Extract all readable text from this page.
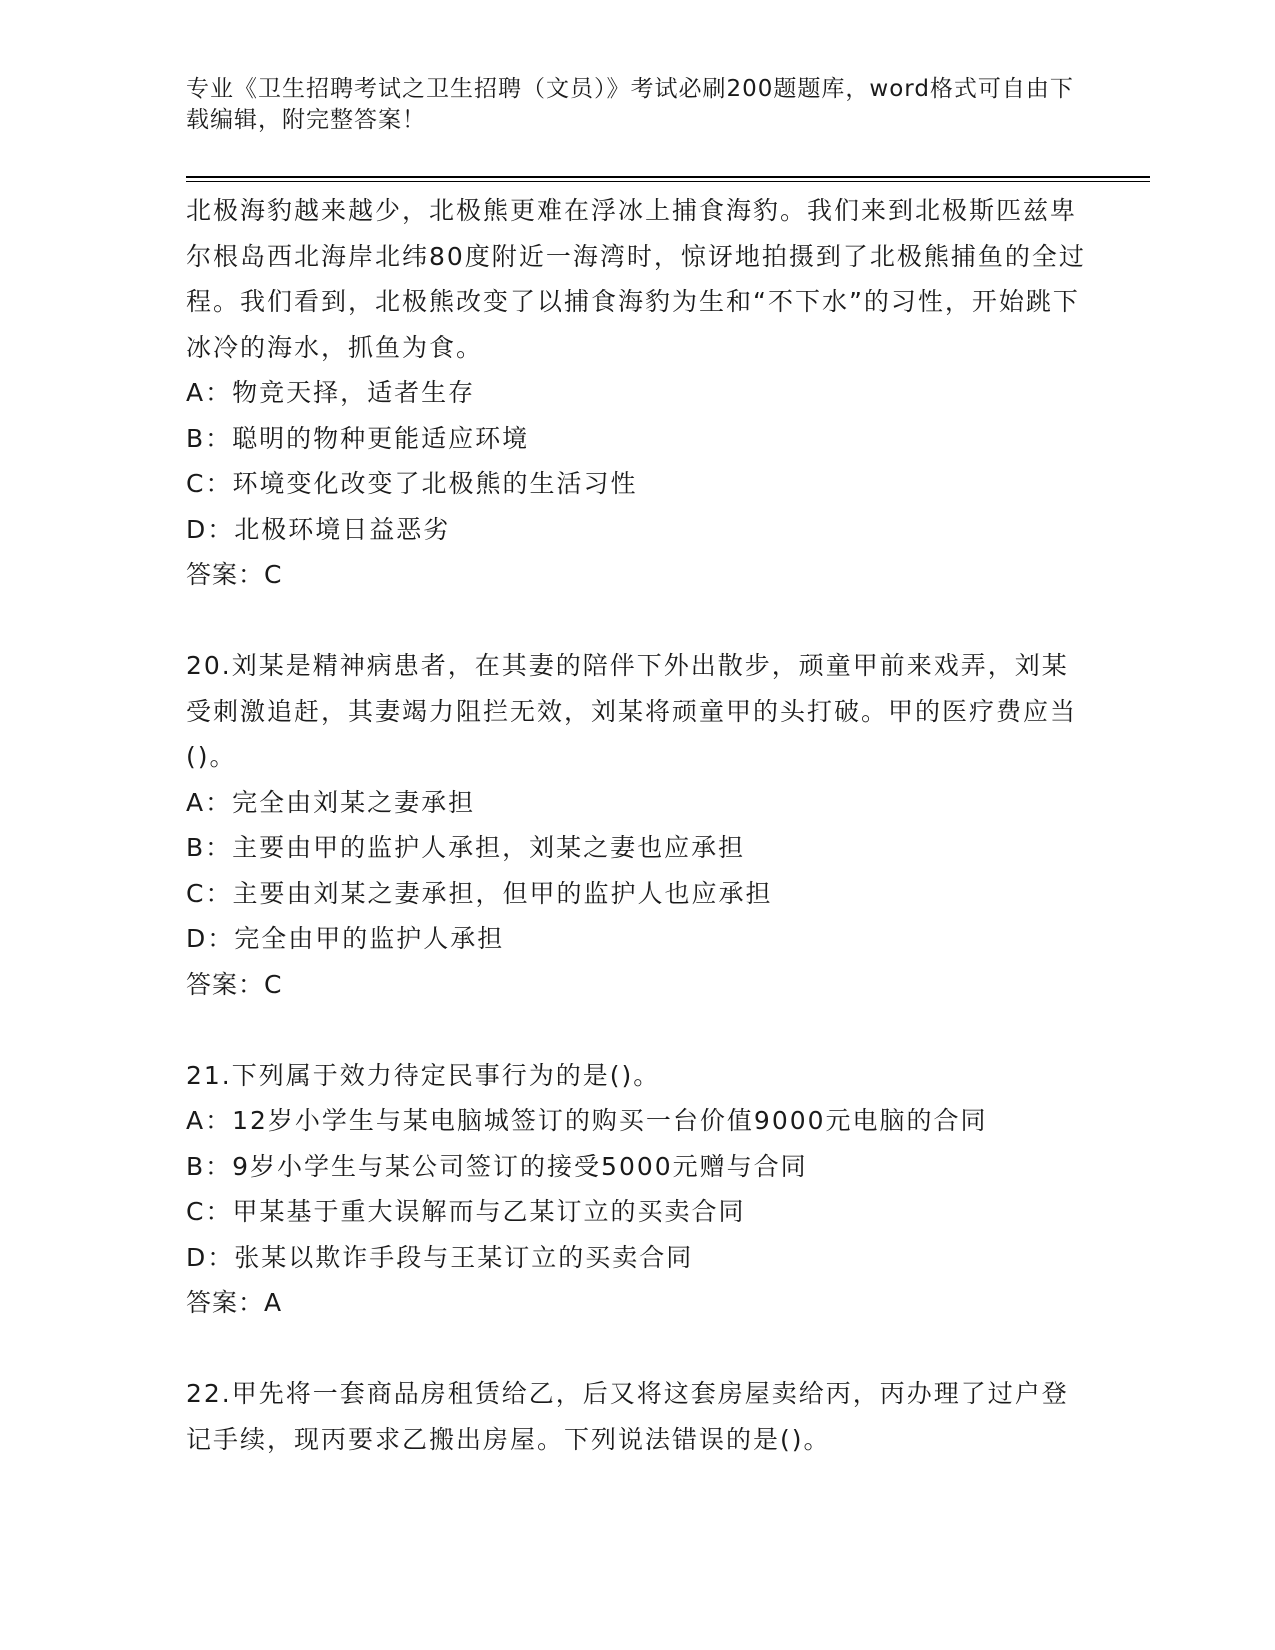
专业《卫生招聘考试之卫生招聘（文员）》考试必刷200题题库，word格式可自由下载编辑，附完整答案！

北极海豹越来越少，北极熊更难在浮冰上捕食海豹。我们来到北极斯匹兹卑尔根岛西北海岸北纬80度附近一海湾时，惊讶地拍摄到了北极熊捕鱼的全过程。我们看到，北极熊改变了以捕食海豹为生和“不下水”的习性，开始跳下冰冷的海水，抓鱼为食。

A：物竞天择，适者生存
B：聪明的物种更能适应环境
C：环境变化改变了北极熊的生活习性
D：北极环境日益恶劣
答案：C

20.刘某是精神病患者，在其妻的陪伴下外出散步，顽童甲前来戏弄，刘某受刺激追赶，其妻竭力阻拦无效，刘某将顽童甲的头打破。甲的医疗费应当()。

A：完全由刘某之妻承担
B：主要由甲的监护人承担，刘某之妻也应承担
C：主要由刘某之妻承担，但甲的监护人也应承担
D：完全由甲的监护人承担
答案：C

21.下列属于效力待定民事行为的是()。

A：12岁小学生与某电脑城签订的购买一台价值9000元电脑的合同
B：9岁小学生与某公司签订的接受5000元赠与合同
C：甲某基于重大误解而与乙某订立的买卖合同
D：张某以欺诈手段与王某订立的买卖合同
答案：A

22.甲先将一套商品房租赁给乙，后又将这套房屋卖给丙，丙办理了过户登记手续，现丙要求乙搬出房屋。下列说法错误的是()。
